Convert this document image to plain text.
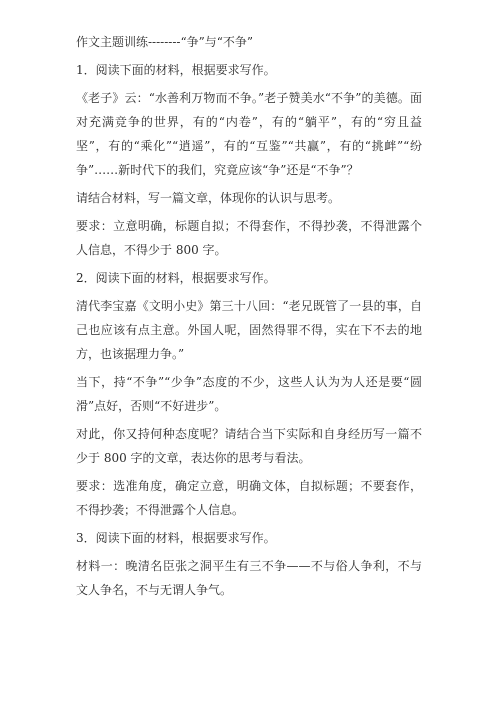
作文主题训练--------“争”与“不争”

1．阅读下面的材料，根据要求写作。

《老子》云：“水善利万物而不争。”老子赞美水“不争”的美德。面对充满竞争的世界，有的“内卷”，有的“躺平”，有的“穷且益坚”，有的“乘化”“逍遥”，有的“互鉴”“共赢”，有的“挑衅”“纷争”……新时代下的我们，究竟应该“争”还是“不争”？

请结合材料，写一篇文章，体现你的认识与思考。

要求：立意明确，标题自拟；不得套作，不得抄袭，不得泄露个人信息，不得少于 800 字。

2．阅读下面的材料，根据要求写作。

清代李宝嘉《文明小史》第三十八回：“老兄既管了一县的事，自己也应该有点主意。外国人呢，固然得罪不得，实在下不去的地方，也该据理力争。”

当下，持“不争”“少争”态度的不少，这些人认为为人还是要“圆滑”点好，否则“不好进步”。

对此，你又持何种态度呢？请结合当下实际和自身经历写一篇不少于 800 字的文章，表达你的思考与看法。

要求：选准角度，确定立意，明确文体，自拟标题；不要套作，不得抄袭；不得泄露个人信息。

3．阅读下面的材料，根据要求写作。

材料一：晚清名臣张之洞平生有三不争——不与俗人争利，不与文人争名，不与无谓人争气。
